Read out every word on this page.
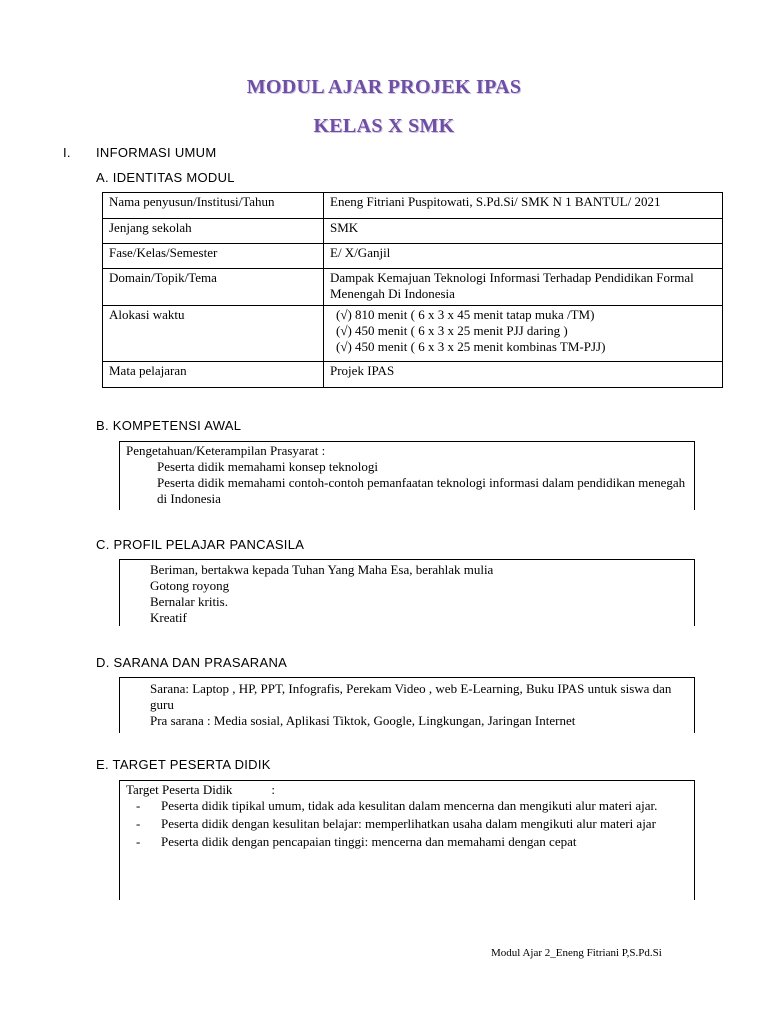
MODUL AJAR PROJEK IPAS
KELAS X SMK
I. INFORMASI UMUM
A. IDENTITAS MODUL
Nama penyusun/Institusi/Tahun	Eneng Fitriani Puspitowati, S.Pd.Si/ SMK N 1 BANTUL/ 2021
Jenjang sekolah	SMK
Fase/Kelas/Semester	E/ X/Ganjil
Domain/Topik/Tema	Dampak Kemajuan Teknologi Informasi Terhadap Pendidikan Formal Menengah Di Indonesia
Alokasi waktu	(√) 810 menit ( 6 x 3 x 45 menit tatap muka /TM)
(√) 450 menit ( 6 x 3 x 25 menit PJJ daring )
(√) 450 menit ( 6 x 3 x 25 menit kombinas TM-PJJ)

Mata pelajaran	Projek IPAS
B. KOMPETENSI AWAL

Pengetahuan/Keterampilan Prasyarat :

Peserta didik memahami konsep teknologi

Peserta didik memahami contoh-contoh pemanfaatan teknologi informasi dalam pendidikan menegah di Indonesia

C. PROFIL PELAJAR PANCASILA

Beriman, bertakwa kepada Tuhan Yang Maha Esa, berahlak mulia

Gotong royong

Bernalar kritis.

Kreatif

D. SARANA DAN PRASARANA

Sarana: Laptop , HP, PPT, Infografis, Perekam Video , web E-Learning, Buku IPAS untuk siswa dan guru

Pra sarana : Media sosial, Aplikasi Tiktok, Google, Lingkungan, Jaringan Internet

E. TARGET PESERTA DIDIK

Target Peserta Didik            :

- Peserta didik tipikal umum, tidak ada kesulitan dalam mencerna dan mengikuti alur materi ajar.
- Peserta didik dengan kesulitan belajar: memperlihatkan usaha dalam mengikuti alur materi ajar
- Peserta didik dengan pencapaian tinggi: mencerna dan memahami dengan cepat
Modul Ajar 2_Eneng Fitriani P,S.Pd.Si
